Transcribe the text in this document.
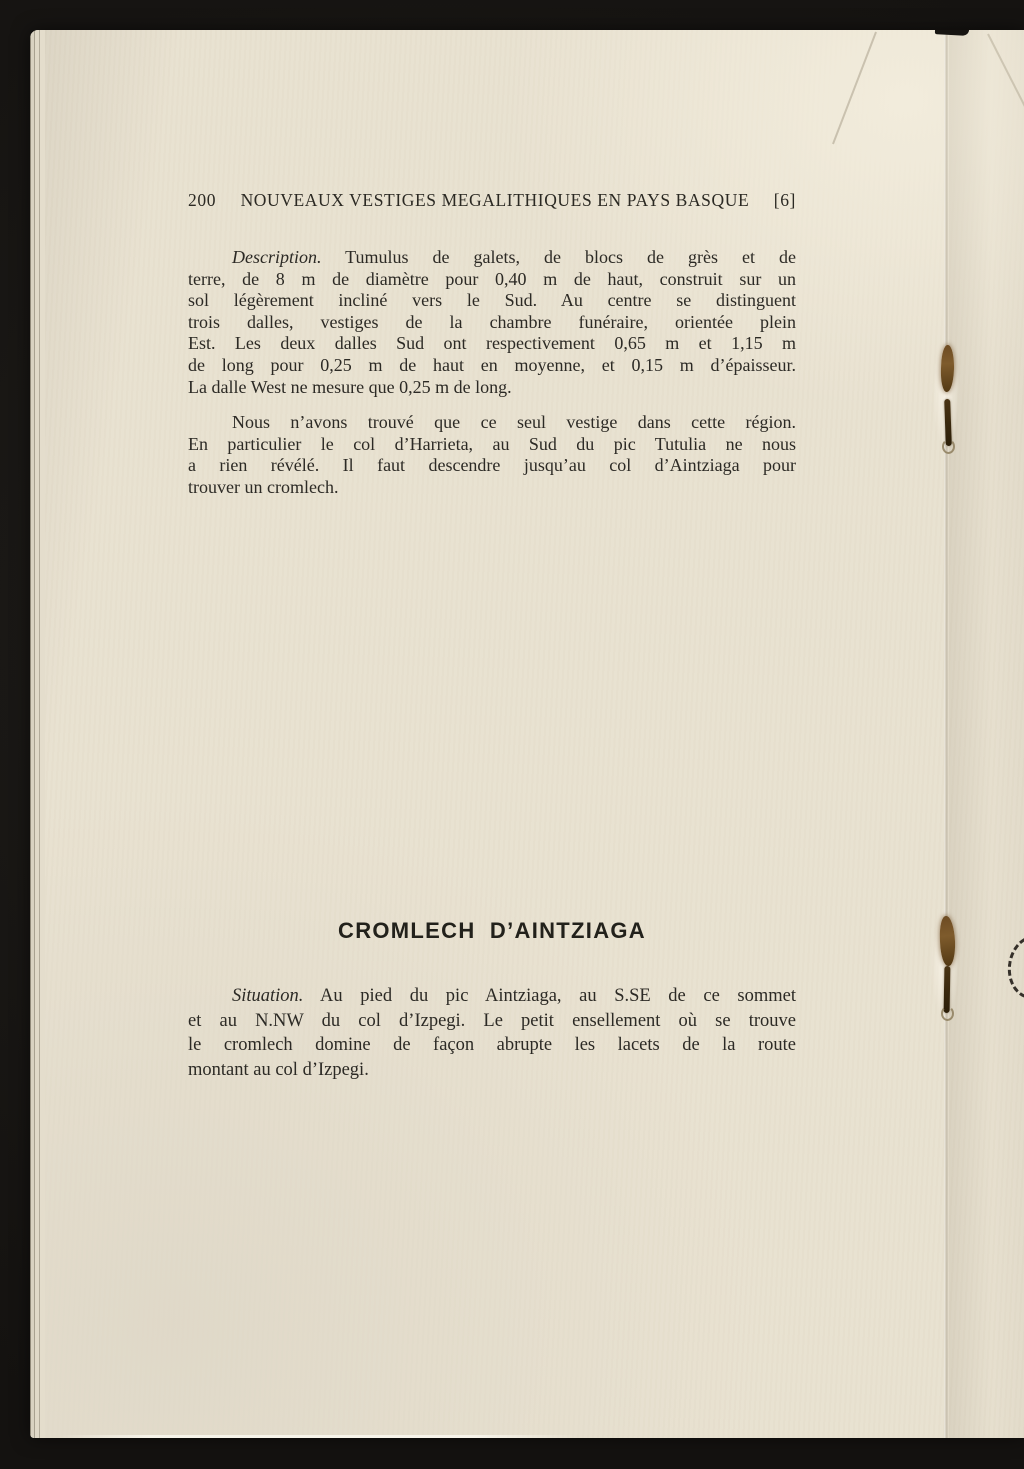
200	NOUVEAUX VESTIGES MEGALITHIQUES EN PAYS BASQUE	[6]
Description. Tumulus de galets, de blocs de grès et de
terre, de 8 m de diamètre pour 0,40 m de haut, construit sur un
sol légèrement incliné vers le Sud. Au centre se distinguent
trois dalles, vestiges de la chambre funéraire, orientée plein
Est. Les deux dalles Sud ont respectivement 0,65 m et 1,15 m
de long pour 0,25 m de haut en moyenne, et 0,15 m d’épaisseur.
La dalle West ne mesure que 0,25 m de long.
Nous n’avons trouvé que ce seul vestige dans cette région.
En particulier le col d’Harrieta, au Sud du pic Tutulia ne nous
a rien révélé. Il faut descendre jusqu’au col d’Aintziaga pour
trouver un cromlech.
CROMLECH D’AINTZIAGA
Situation. Au pied du pic Aintziaga, au S.SE de ce sommet
et au N.NW du col d’Izpegi. Le petit ensellement où se trouve
le cromlech domine de façon abrupte les lacets de la route
montant au col d’Izpegi.
